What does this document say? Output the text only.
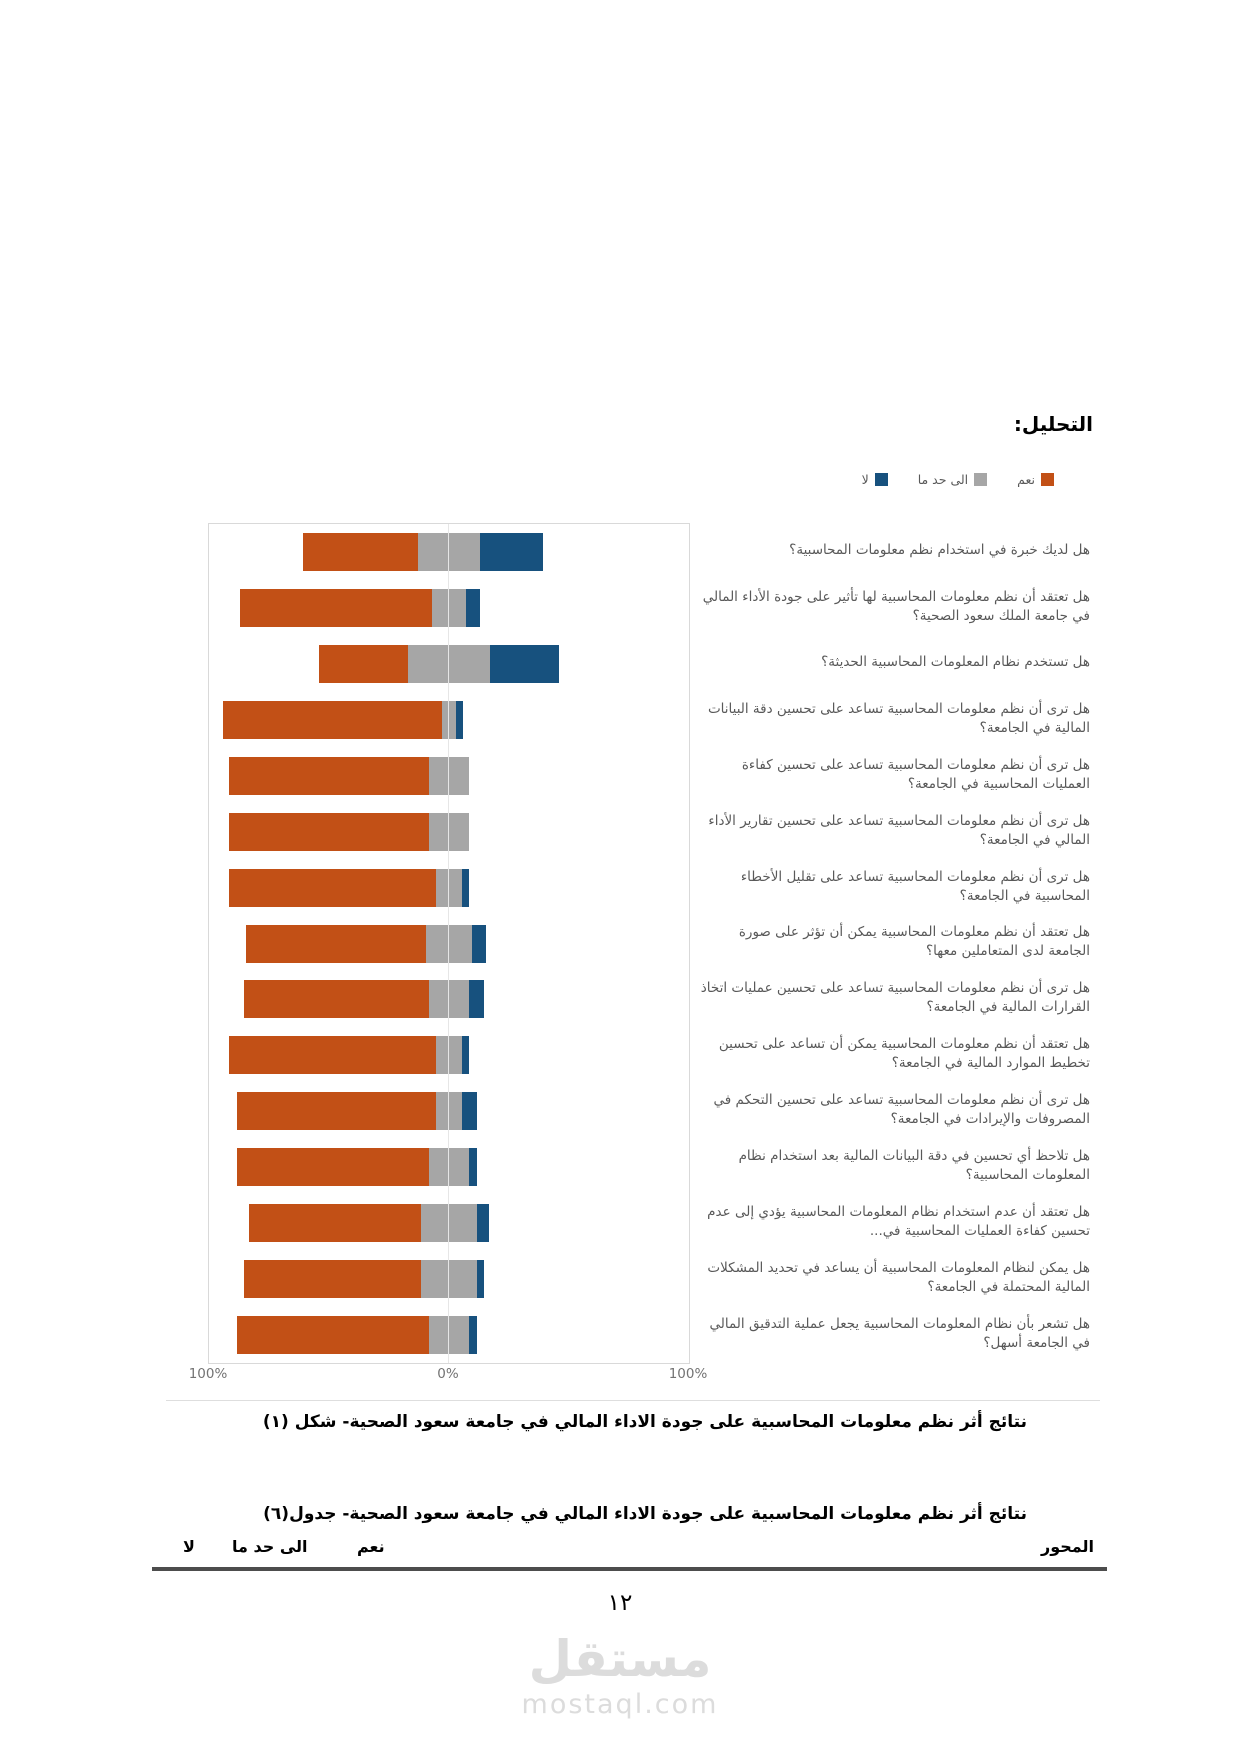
التحليل:
نعم
الى حد ما
لا
هل لديك خبرة في استخدام نظم معلومات المحاسبية؟
هل تعتقد أن نظم معلومات المحاسبية لها تأثير على جودة الأداء المالي في جامعة الملك سعود الصحية؟
هل تستخدم نظام المعلومات المحاسبية الحديثة؟
هل ترى أن نظم معلومات المحاسبية تساعد على تحسين دقة البيانات المالية في الجامعة؟
هل ترى أن نظم معلومات المحاسبية تساعد على تحسين كفاءة العمليات المحاسبية في الجامعة؟
هل ترى أن نظم معلومات المحاسبية تساعد على تحسين تقارير الأداء المالي في الجامعة؟
هل ترى أن نظم معلومات المحاسبية تساعد على تقليل الأخطاء المحاسبية في الجامعة؟
هل تعتقد أن نظم معلومات المحاسبية يمكن أن تؤثر على صورة الجامعة لدى المتعاملين معها؟
هل ترى أن نظم معلومات المحاسبية تساعد على تحسين عمليات اتخاذ القرارات المالية في الجامعة؟
هل تعتقد أن نظم معلومات المحاسبية يمكن أن تساعد على تحسين تخطيط الموارد المالية في الجامعة؟
هل ترى أن نظم معلومات المحاسبية تساعد على تحسين التحكم في المصروفات والإيرادات في الجامعة؟
هل تلاحظ أي تحسين في دقة البيانات المالية بعد استخدام نظام المعلومات المحاسبية؟
هل تعتقد أن عدم استخدام نظام المعلومات المحاسبية يؤدي إلى عدم تحسين كفاءة العمليات المحاسبية في...
هل يمكن لنظام المعلومات المحاسبية أن يساعد في تحديد المشكلات المالية المحتملة في الجامعة؟
هل تشعر بأن نظام المعلومات المحاسبية يجعل عملية التدقيق المالي في الجامعة أسهل؟
100%	0%	100%
نتائج أثر نظم معلومات المحاسبية على جودة الاداء المالي في جامعة سعود الصحية- شكل (١)
نتائج أثر نظم معلومات المحاسبية على جودة الاداء المالي في جامعة سعود الصحية- جدول(٦)
المحور
نعم
الى حد ما
لا
١٢
مستقل
mostaql.com
